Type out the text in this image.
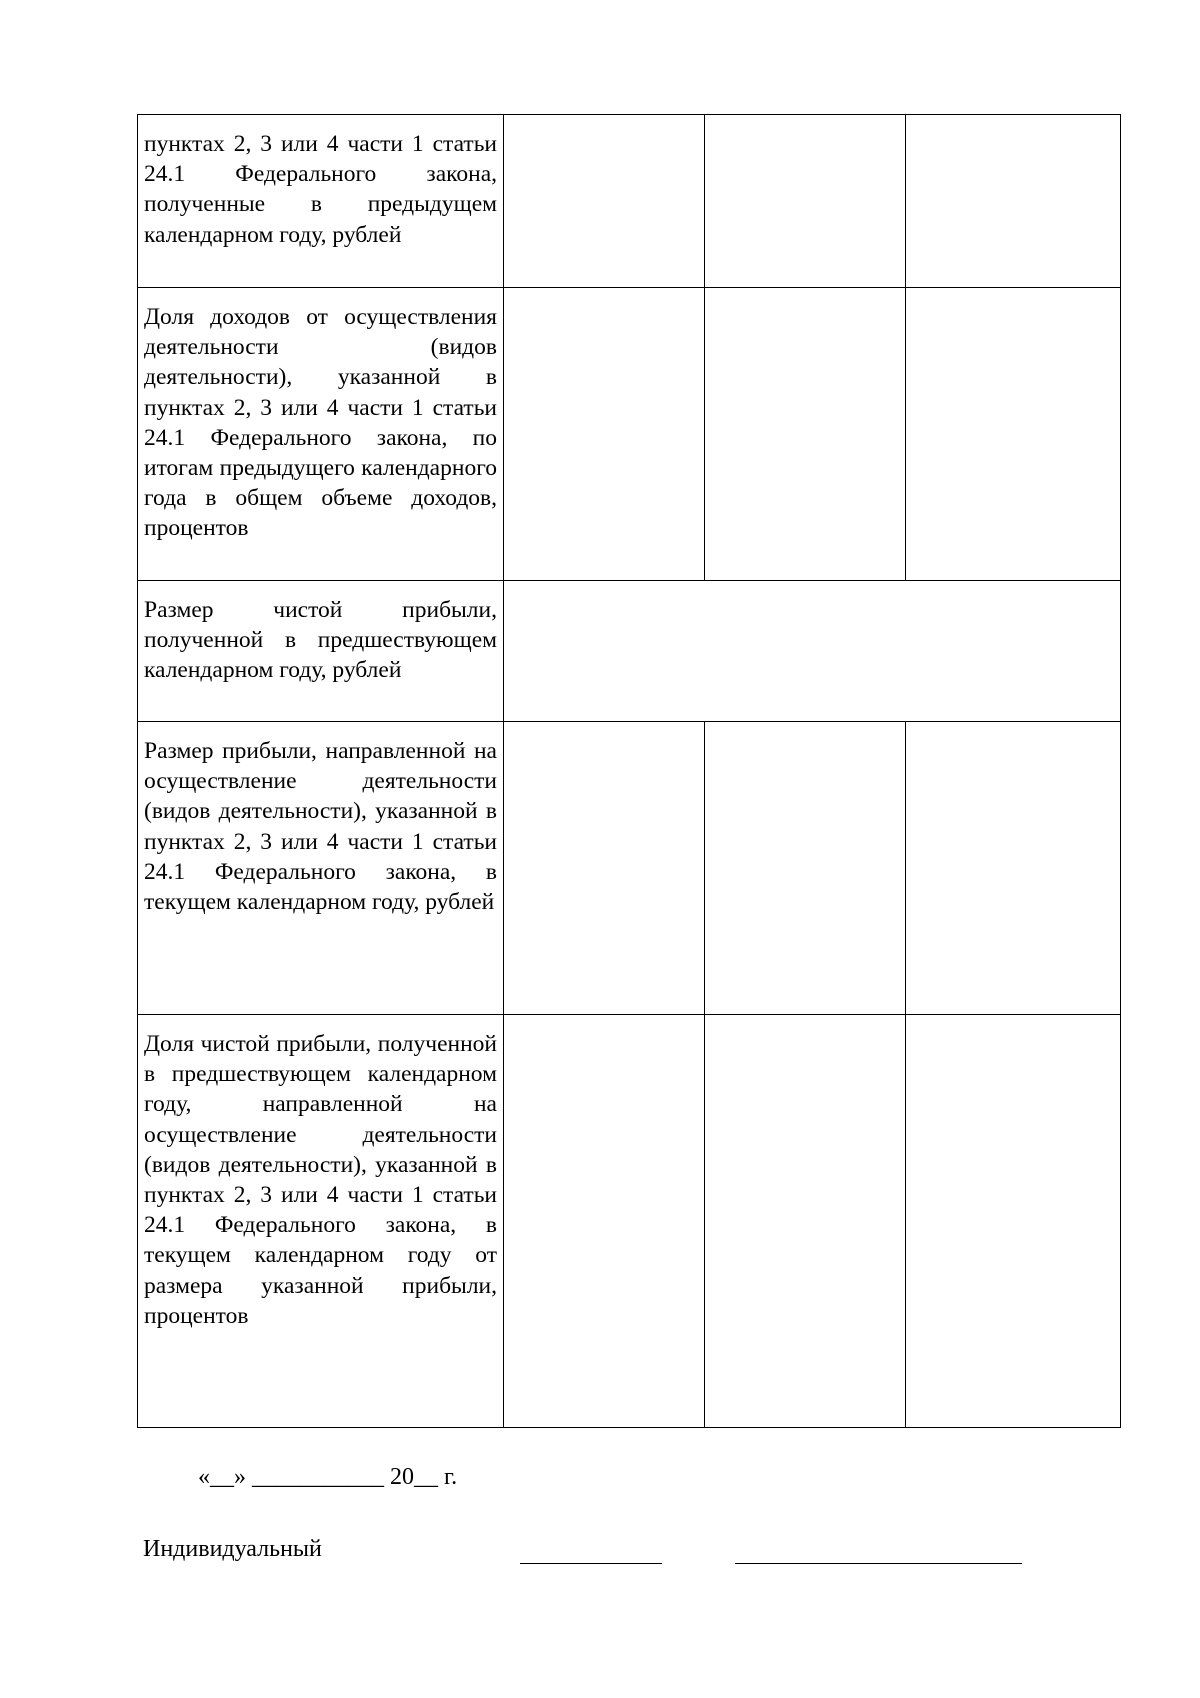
пунктах 2, 3 или 4 части 1 статьи 24.1 Федерального закона, полученные в предыдущем календарном году, рублей			

Доля доходов от осуществления деятельности (видов деятельности), указанной в пунктах 2, 3 или 4 части 1 статьи 24.1 Федерального закона, по итогам предыдущего календарного года в общем объеме доходов, процентов			

Размер чистой прибыли, полученной в предшествующем календарном году, рублей			

Размер прибыли, направленной на осуществление деятельности (видов деятельности), указанной в пунктах 2, 3 или 4 части 1 статьи 24.1 Федерального закона, в текущем календарном году, рублей			

Доля чистой прибыли, полученной в предшествующем календарном году, направленной на осуществление деятельности (видов деятельности), указанной в пунктах 2, 3 или 4 части 1 статьи 24.1 Федерального закона, в текущем календарном году от размера указанной прибыли, процентов			

«__» ___________ 20__ г.
Индивидуальный
